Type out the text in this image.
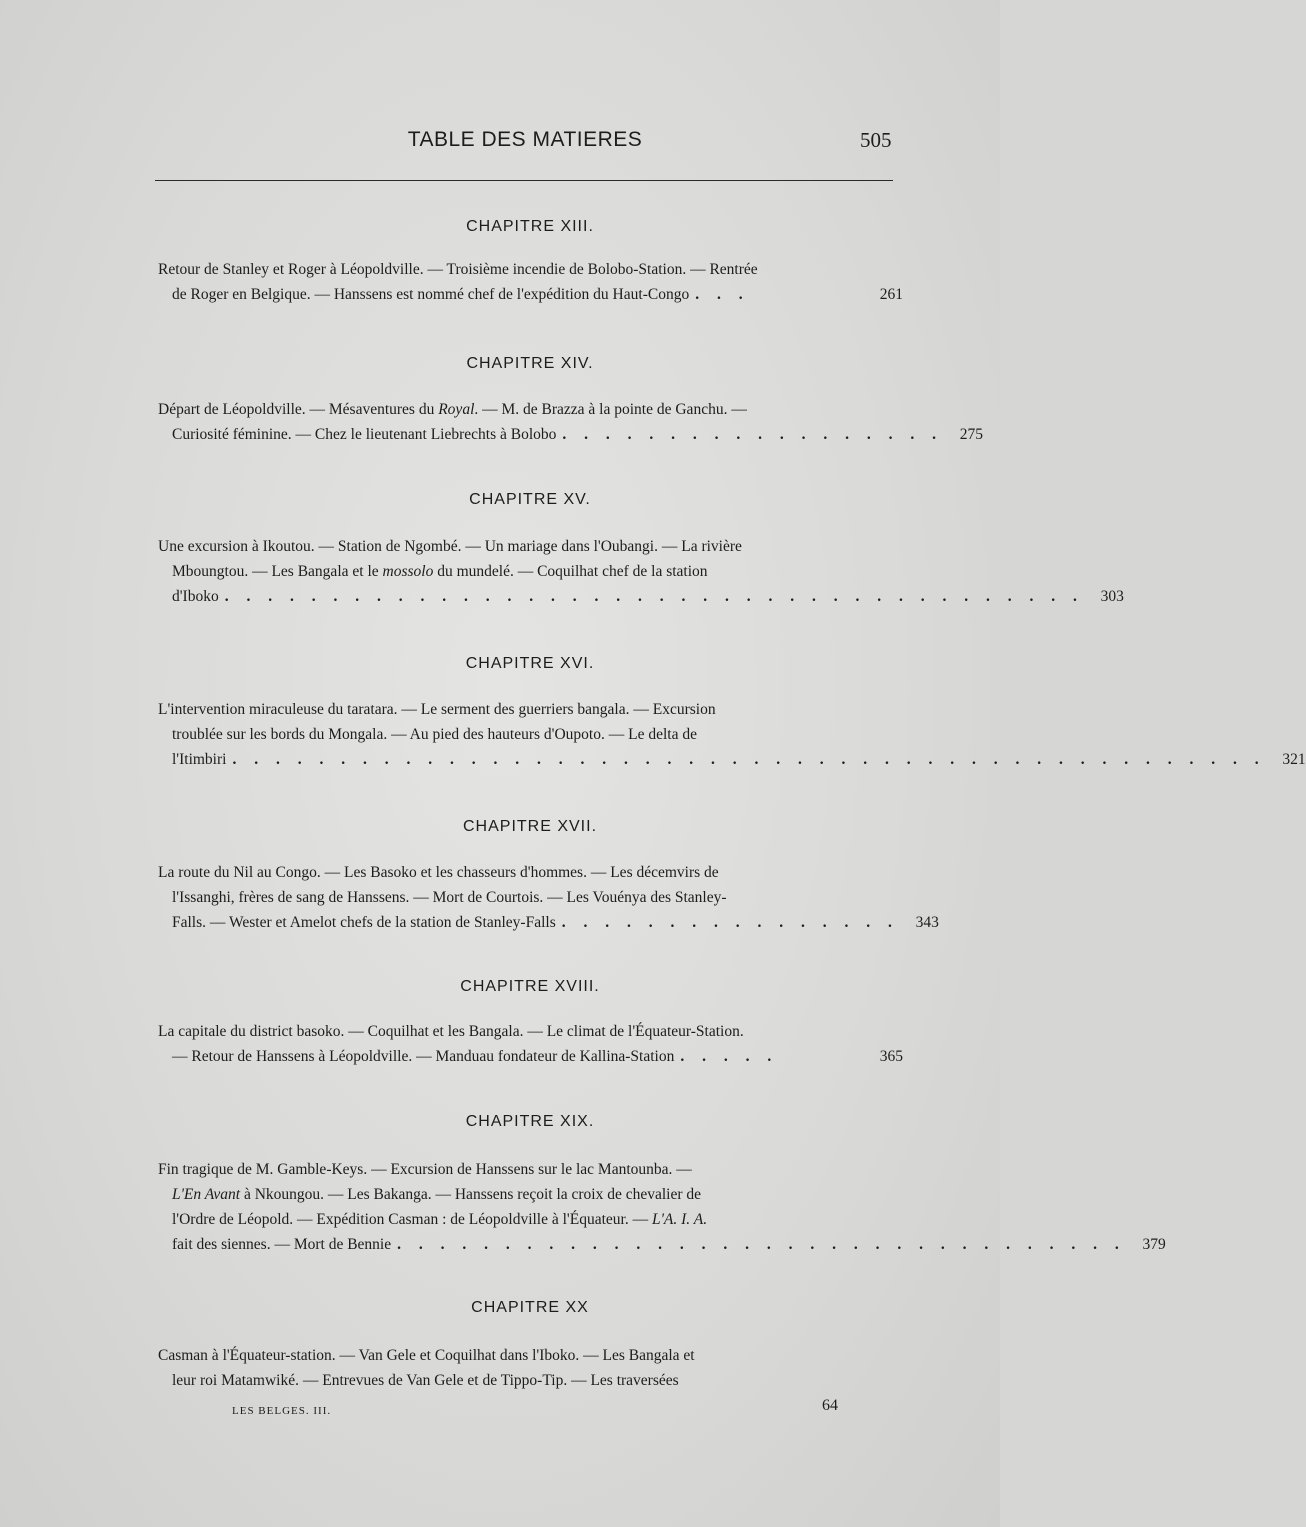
TABLE DES MATIERES	505
CHAPITRE XIII.
Retour de Stanley et Roger à Léopoldville. — Troisième incendie de Bolobo-Station. — Rentrée
de Roger en Belgique. — Hanssens est nommé chef de l'expédition du Haut-Congo . . .	261
CHAPITRE XIV.
Départ de Léopoldville. — Mésaventures du Royal. — M. de Brazza à la pointe de Ganchu. —
Curiosité féminine. — Chez le lieutenant Liebrechts à Bolobo . . . . . . . . . . . . . . . . . .	275
CHAPITRE XV.
Une excursion à Ikoutou. — Station de Ngombé. — Un mariage dans l'Oubangi. — La rivière
Mboungtou. — Les Bangala et le mossolo du mundelé. — Coquilhat chef de la station
d'Iboko . . . . . . . . . . . . . . . . . . . . . . . . . . . . . . . . . . . . . . . .	303
CHAPITRE XVI.
L'intervention miraculeuse du taratara. — Le serment des guerriers bangala. — Excursion
troublée sur les bords du Mongala. — Au pied des hauteurs d'Oupoto. — Le delta de
l'Itimbiri . . . . . . . . . . . . . . . . . . . . . . . . . . . . . . . . . . . . . . . . . . . . . . . .	321
CHAPITRE XVII.
La route du Nil au Congo. — Les Basoko et les chasseurs d'hommes. — Les décemvirs de
l'Issanghi, frères de sang de Hanssens. — Mort de Courtois. — Les Vouénya des Stanley-
Falls. — Wester et Amelot chefs de la station de Stanley-Falls . . . . . . . . . . . . . . . .	343
CHAPITRE XVIII.
La capitale du district basoko. — Coquilhat et les Bangala. — Le climat de l'Équateur-Station.
— Retour de Hanssens à Léopoldville. — Manduau fondateur de Kallina-Station . . . . .	365
CHAPITRE XIX.
Fin tragique de M. Gamble-Keys. — Excursion de Hanssens sur le lac Mantounba. —
L'En Avant à Nkoungou. — Les Bakanga. — Hanssens reçoit la croix de chevalier de
l'Ordre de Léopold. — Expédition Casman : de Léopoldville à l'Équateur. — L'A. I. A.
fait des siennes. — Mort de Bennie . . . . . . . . . . . . . . . . . . . . . . . . . . . . . . . . . .	379
CHAPITRE XX
Casman à l'Équateur-station. — Van Gele et Coquilhat dans l'Iboko. — Les Bangala et
leur roi Matamwiké. — Entrevues de Van Gele et de Tippo-Tip. — Les traversées
LES BELGES. III.	64
